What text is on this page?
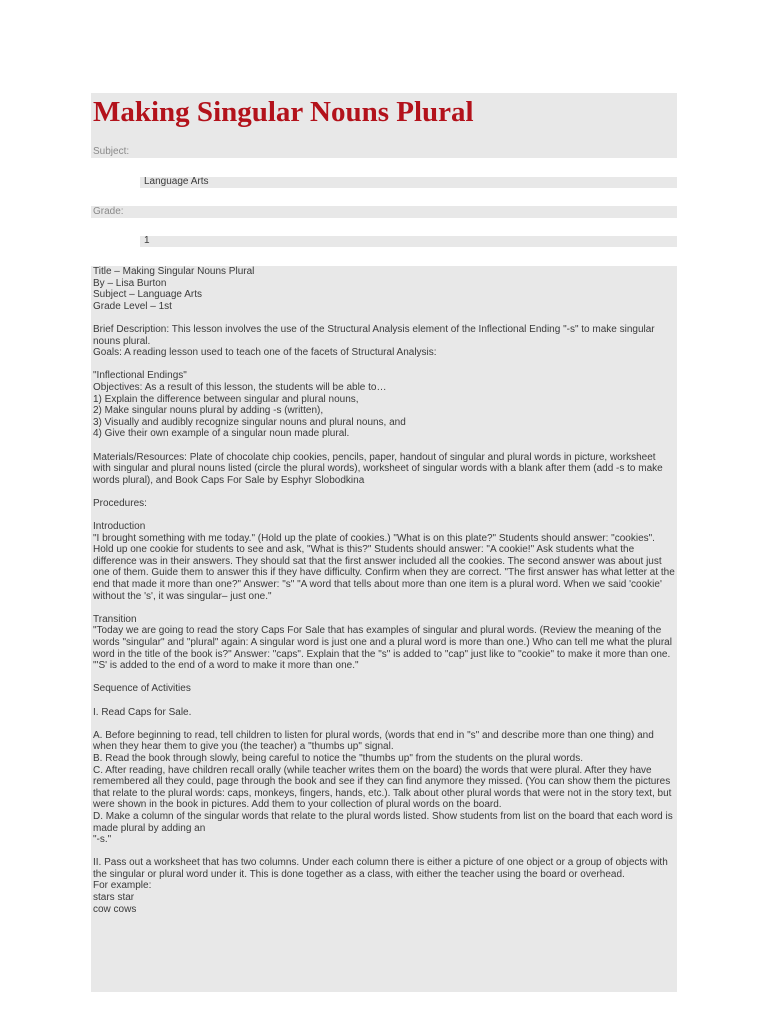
Making Singular Nouns Plural
Subject:
Language Arts
Grade:
1

Title – Making Singular Nouns Plural

By – Lisa Burton

Subject – Language Arts

Grade Level – 1st

Brief Description: This lesson involves the use of the Structural Analysis element of the Inflectional Ending "-s" to make singular nouns plural.

Goals: A reading lesson used to teach one of the facets of Structural Analysis:

"Inflectional Endings"

Objectives: As a result of this lesson, the students will be able to…

1) Explain the difference between singular and plural nouns,

2) Make singular nouns plural by adding -s (written),

3) Visually and audibly recognize singular nouns and plural nouns, and

4) Give their own example of a singular noun made plural.

Materials/Resources: Plate of chocolate chip cookies, pencils, paper, handout of singular and plural words in picture, worksheet with singular and plural nouns listed (circle the plural words), worksheet of singular words with a blank after them (add -s to make words plural), and Book Caps For Sale by Esphyr Slobodkina

Procedures:

Introduction

"I brought something with me today." (Hold up the plate of cookies.) "What is on this plate?" Students should answer: "cookies". Hold up one cookie for students to see and ask, "What is this?" Students should answer: "A cookie!" Ask students what the difference was in their answers. They should sat that the first answer included all the cookies. The second answer was about just one of them. Guide them to answer this if they have difficulty. Confirm when they are correct. "The first answer has what letter at the end that made it more than one?" Answer: "s" "A word that tells about more than one item is a plural word. When we said 'cookie' without the 's', it was singular– just one."

Transition

"Today we are going to read the story Caps For Sale that has examples of singular and plural words. (Review the meaning of the words "singular" and "plural" again: A singular word is just one and a plural word is more than one.) Who can tell me what the plural word in the title of the book is?" Answer: "caps". Explain that the "s" is added to "cap" just like to "cookie" to make it more than one. "'S' is added to the end of a word to make it more than one."

Sequence of Activities

I. Read Caps for Sale.

A. Before beginning to read, tell children to listen for plural words, (words that end in "s" and describe more than one thing) and when they hear them to give you (the teacher) a "thumbs up" signal.

B. Read the book through slowly, being careful to notice the "thumbs up" from the students on the plural words.

C. After reading, have children recall orally (while teacher writes them on the board) the words that were plural. After they have remembered all they could, page through the book and see if they can find anymore they missed. (You can show them the pictures that relate to the plural words: caps, monkeys, fingers, hands, etc.). Talk about other plural words that were not in the story text, but were shown in the book in pictures. Add them to your collection of plural words on the board.

D. Make a column of the singular words that relate to the plural words listed. Show students from list on the board that each word is made plural by adding an

"-s."

II. Pass out a worksheet that has two columns. Under each column there is either a picture of one object or a group of objects with the singular or plural word under it. This is done together as a class, with either the teacher using the board or overhead.

For example:

stars star

cow cows
